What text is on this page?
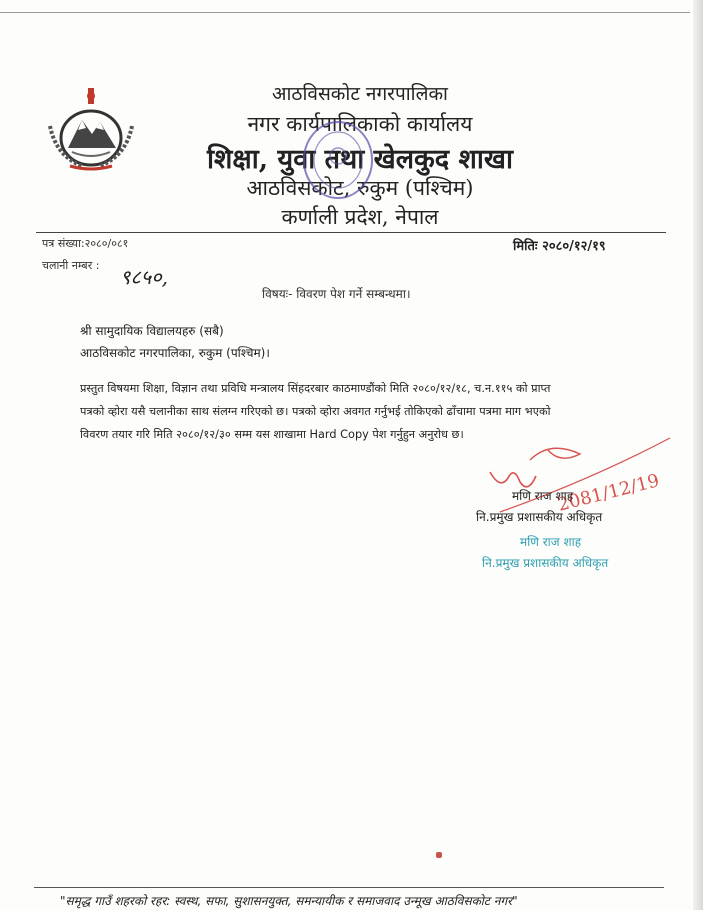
आठविसकोट नगरपालिका
नगर कार्यपालिकाको कार्यालय
शिक्षा, युवा तथा खेलकुद शाखा
आठविसकोट, रुकुम (पश्चिम)
कर्णाली प्रदेश, नेपाल
पत्र संख्या:२०८०/०८१
चलानी नम्बर : ९८५०,
मितिः २०८०/१२/१९
विषयः- विवरण पेश गर्ने सम्बन्धमा।
श्री सामुदायिक विद्यालयहरु (सबै)
आठविसकोट नगरपालिका, रुकुम (पश्चिम)।
प्रस्तुत विषयमा शिक्षा, विज्ञान तथा प्रविधि मन्त्रालय सिंहदरबार काठमाण्डौंको मिति २०८०/१२/१८, च.न.११५ को प्राप्त
पत्रको व्होरा यसै चलानीका साथ संलग्न गरिएको छ। पत्रको व्होरा अवगत गर्नुभई तोकिएको ढाँचामा पत्रमा माग भएको
विवरण तयार गरि मिति २०८०/१२/३० सम्म यस शाखामा Hard Copy पेश गर्नुहुन अनुरोध छ।
2081/12/19
मणि राज शाह
नि.प्रमुख प्रशासकीय अधिकृत
मणि राज शाह
नि.प्रमुख प्रशासकीय अधिकृत
"समृद्ध गाउँ शहरको रहर: स्वस्थ, सफा, सुशासनयुक्त, समन्यायीक र समाजवाद उन्मूख आठविसकोट नगर"
